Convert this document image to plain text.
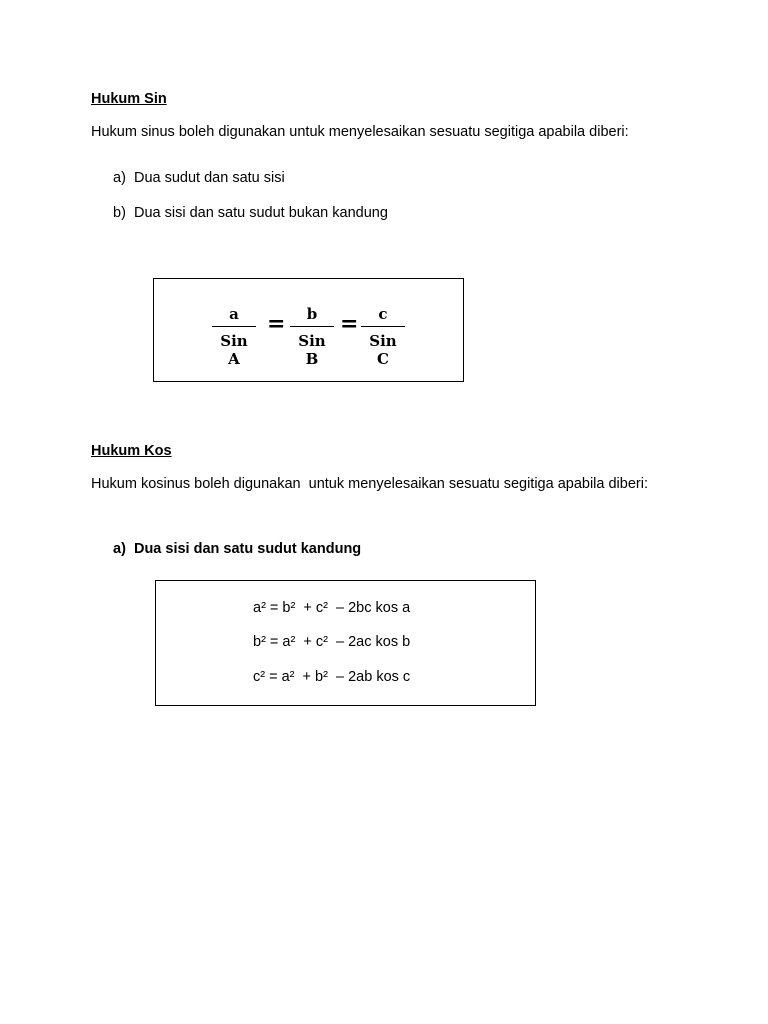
Hukum Sin
Hukum sinus boleh digunakan untuk menyelesaikan sesuatu segitiga apabila diberi:
a) Dua sudut dan satu sisi
b) Dua sisi dan satu sudut bukan kandung
a
Sin A
=	b
Sin B
=	c
Sin C
Hukum Kos
Hukum kosinus boleh digunakan  untuk menyelesaikan sesuatu segitiga apabila diberi:
a) Dua sisi dan satu sudut kandung
a² = b²  + c²  – 2bc kos a
b² = a²  + c²  – 2ac kos b
c² = a²  + b²  – 2ab kos c
